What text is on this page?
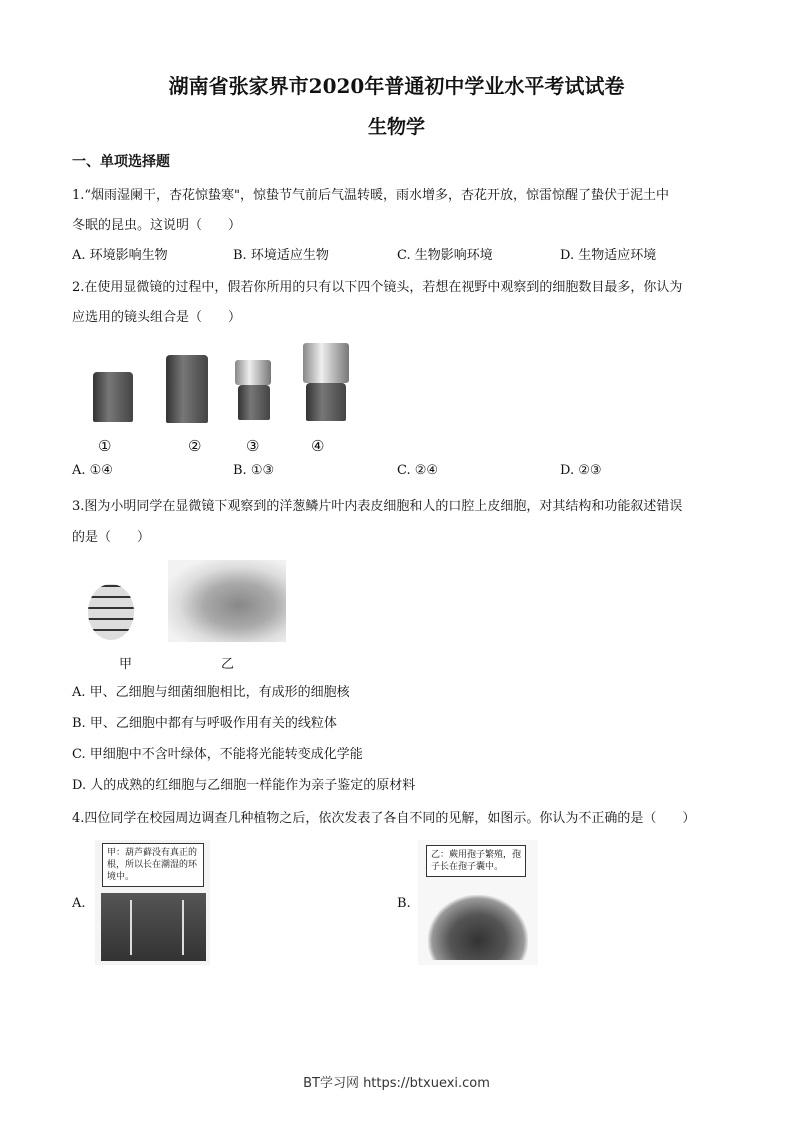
湖南省张家界市2020年普通初中学业水平考试试卷
生物学
一、单项选择题
1.“烟雨湿阑干，杏花惊蛰寒"，惊蛰节气前后气温转暖，雨水增多，杏花开放，惊雷惊醒了蛰伏于泥土中
冬眠的昆虫。这说明（　　）
A. 环境影响生物	B. 环境适应生物	C. 生物影响环境	D. 生物适应环境
2.在使用显微镜的过程中，假若你所用的只有以下四个镜头，若想在视野中观察到的细胞数目最多，你认为
应选用的镜头组合是（　　）
①	②	③	④
A. ①④	B. ①③	C. ②④	D. ②③
3.图为小明同学在显微镜下观察到的洋葱鳞片叶内表皮细胞和人的口腔上皮细胞，对其结构和功能叙述错误
的是（　　）
甲	乙
A. 甲、乙细胞与细菌细胞相比，有成形的细胞核
B. 甲、乙细胞中都有与呼吸作用有关的线粒体
C. 甲细胞中不含叶绿体，不能将光能转变成化学能
D. 人的成熟的红细胞与乙细胞一样能作为亲子鉴定的原材料
4.四位同学在校园周边调查几种植物之后，依次发表了各自不同的见解，如图示。你认为不正确的是（　　）
A.
甲：葫芦藓没有真正的根，所以长在潮湿的环境中。
B.
乙：蕨用孢子繁殖，孢子长在孢子囊中。
BT学习网 https://btxuexi.com
